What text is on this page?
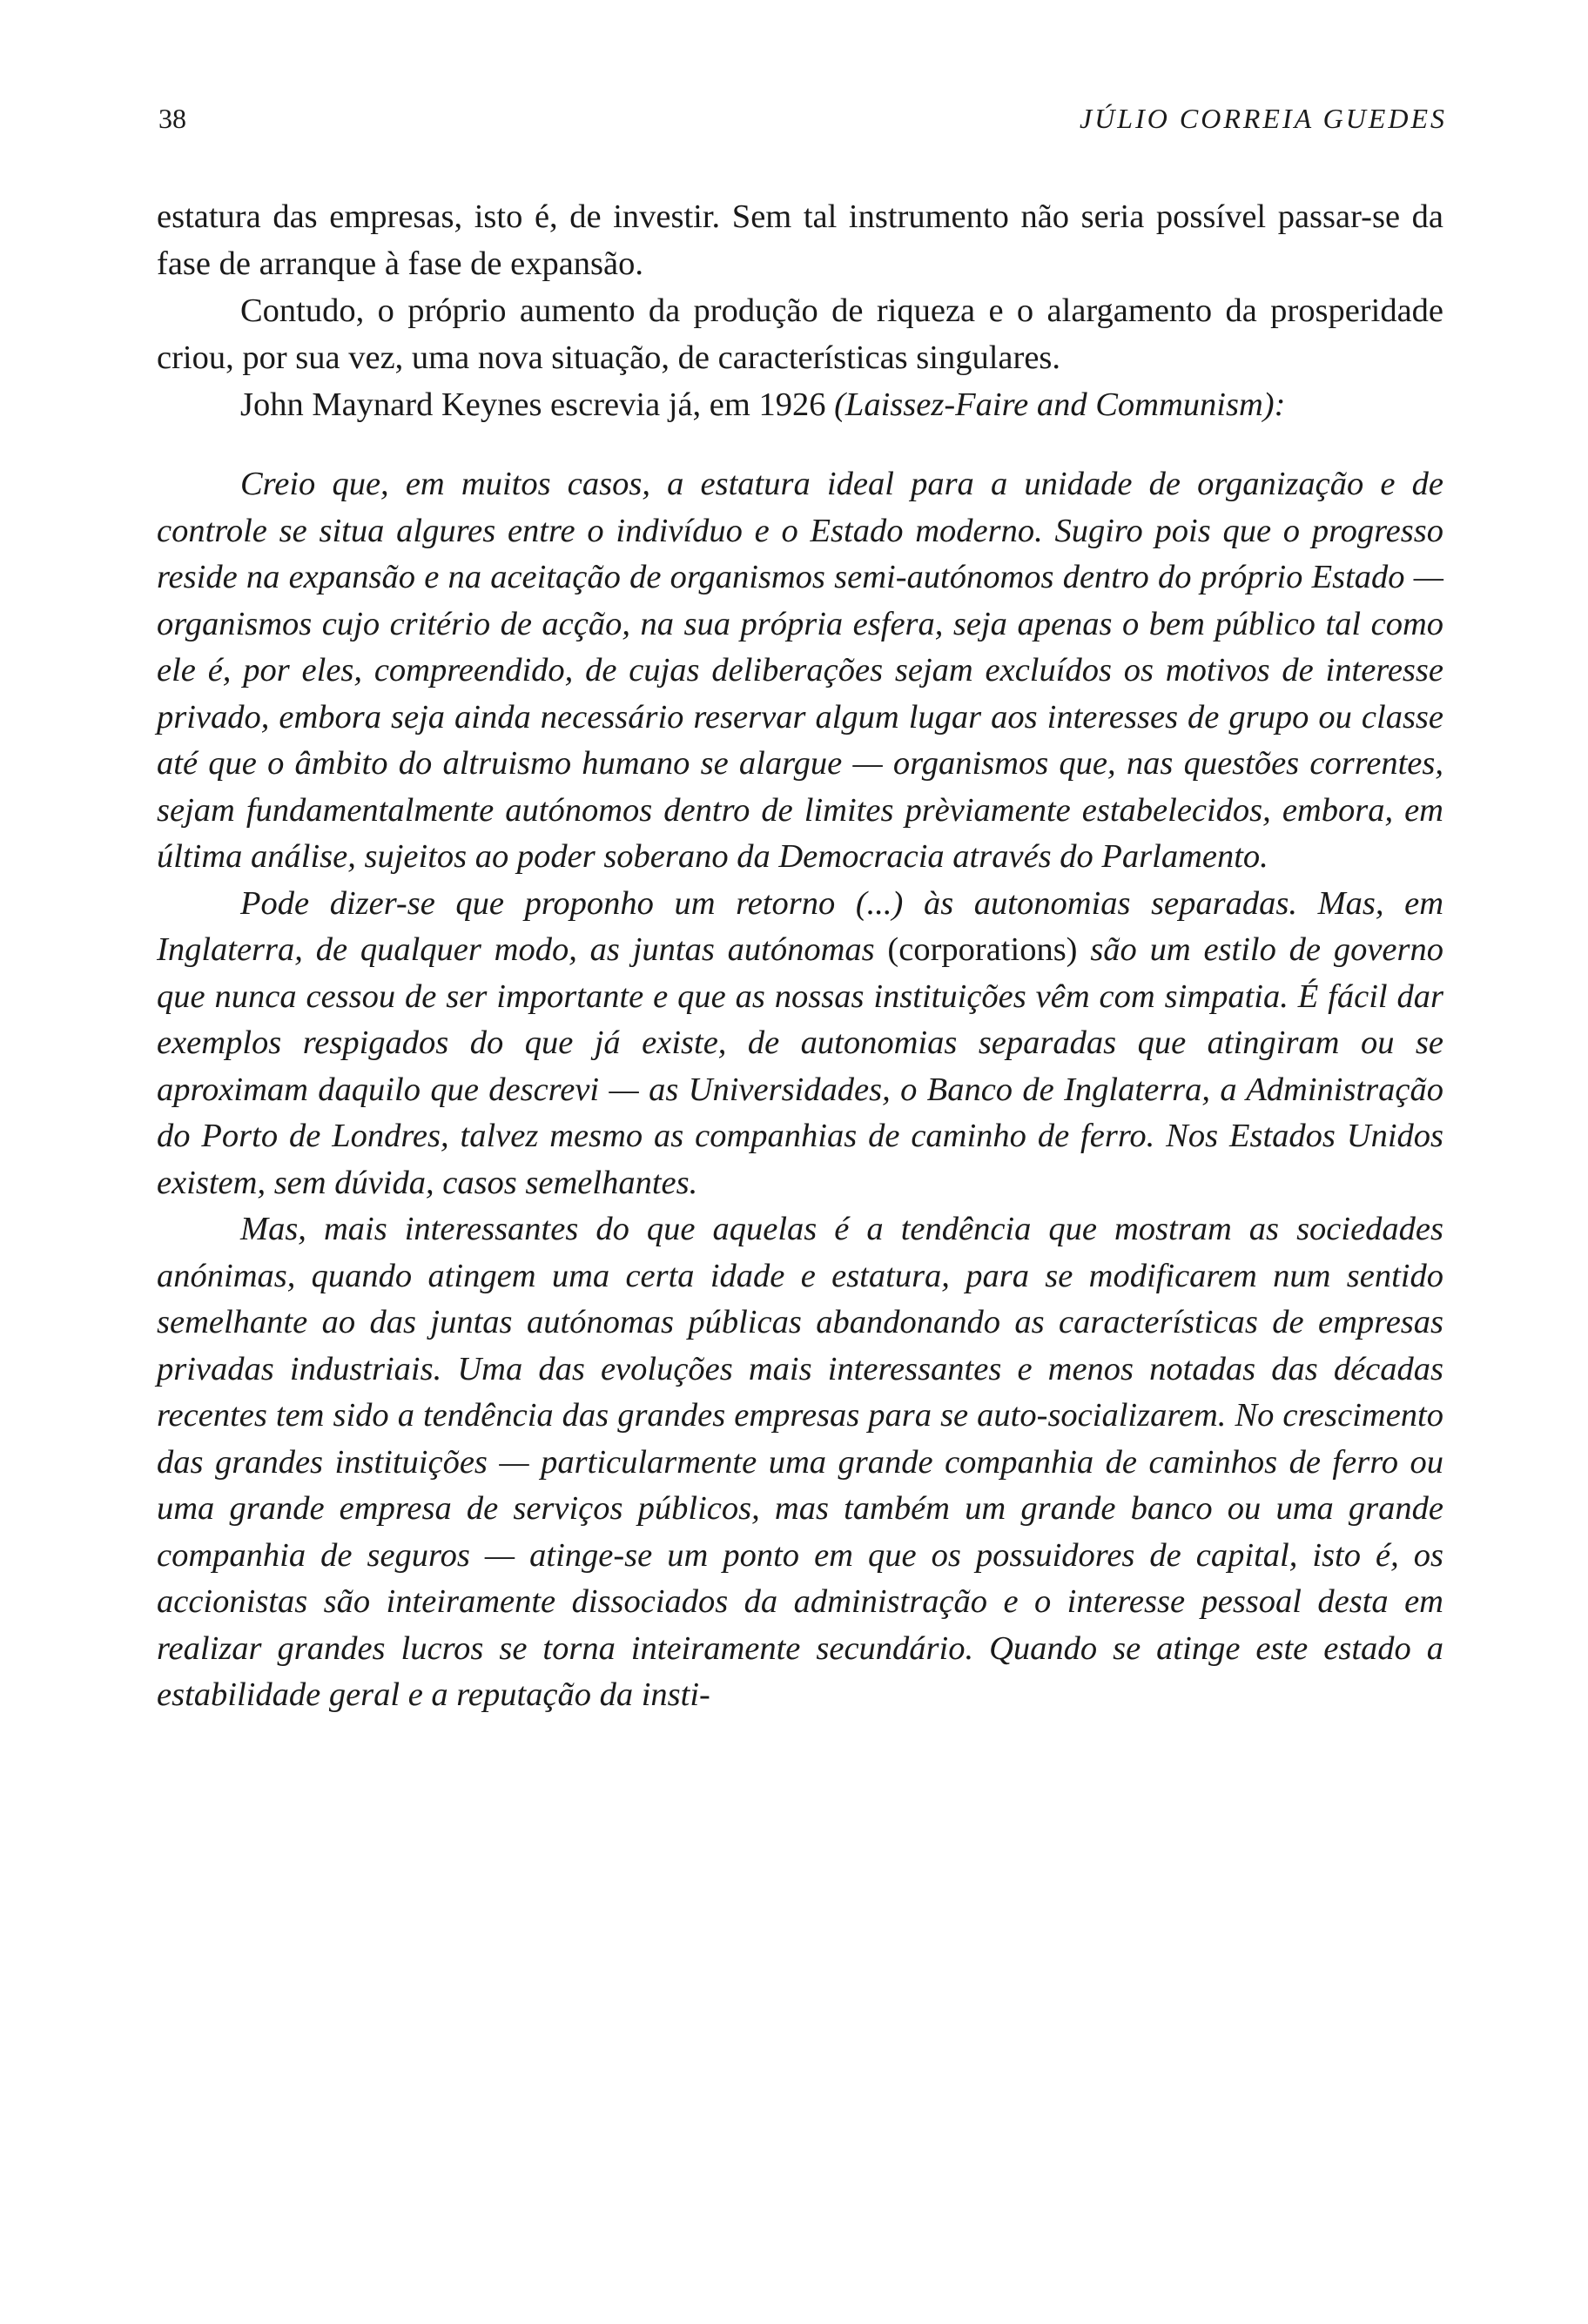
38	JÚLIO CORREIA GUEDES

estatura das empresas, isto é, de investir. Sem tal instrumento não seria possível passar-se da fase de arranque à fase de expansão.

Contudo, o próprio aumento da produção de riqueza e o alargamento da prosperidade criou, por sua vez, uma nova situação, de características singulares.

John Maynard Keynes escrevia já, em 1926 (Laissez-Faire and Communism):

Creio que, em muitos casos, a estatura ideal para a unidade de organização e de controle se situa algures entre o indivíduo e o Estado moderno. Sugiro pois que o progresso reside na expansão e na aceitação de organismos semi-autónomos dentro do próprio Estado — organismos cujo critério de acção, na sua própria esfera, seja apenas o bem público tal como ele é, por eles, compreendido, de cujas deliberações sejam excluídos os motivos de interesse privado, embora seja ainda necessário reservar algum lugar aos interesses de grupo ou classe até que o âmbito do altruismo humano se alargue — organismos que, nas questões correntes, sejam fundamentalmente autónomos dentro de limites prèviamente estabelecidos, embora, em última análise, sujeitos ao poder soberano da Democracia através do Parlamento.

Pode dizer-se que proponho um retorno (...) às autonomias separadas. Mas, em Inglaterra, de qualquer modo, as juntas autónomas (corporations) são um estilo de governo que nunca cessou de ser importante e que as nossas instituições vêm com simpatia. É fácil dar exemplos respigados do que já existe, de autonomias separadas que atingiram ou se aproximam daquilo que descrevi — as Universidades, o Banco de Inglaterra, a Administração do Porto de Londres, talvez mesmo as companhias de caminho de ferro. Nos Estados Unidos existem, sem dúvida, casos semelhantes.

Mas, mais interessantes do que aquelas é a tendência que mostram as sociedades anónimas, quando atingem uma certa idade e estatura, para se modificarem num sentido semelhante ao das juntas autónomas públicas abandonando as características de empresas privadas industriais. Uma das evoluções mais interessantes e menos notadas das décadas recentes tem sido a tendência das grandes empresas para se auto-socializarem. No crescimento das grandes instituições — particularmente uma grande companhia de caminhos de ferro ou uma grande empresa de serviços públicos, mas também um grande banco ou uma grande companhia de seguros — atinge-se um ponto em que os possuidores de capital, isto é, os accionistas são inteiramente dissociados da administração e o interesse pessoal desta em realizar grandes lucros se torna inteiramente secundário. Quando se atinge este estado a estabilidade geral e a reputação da insti-
